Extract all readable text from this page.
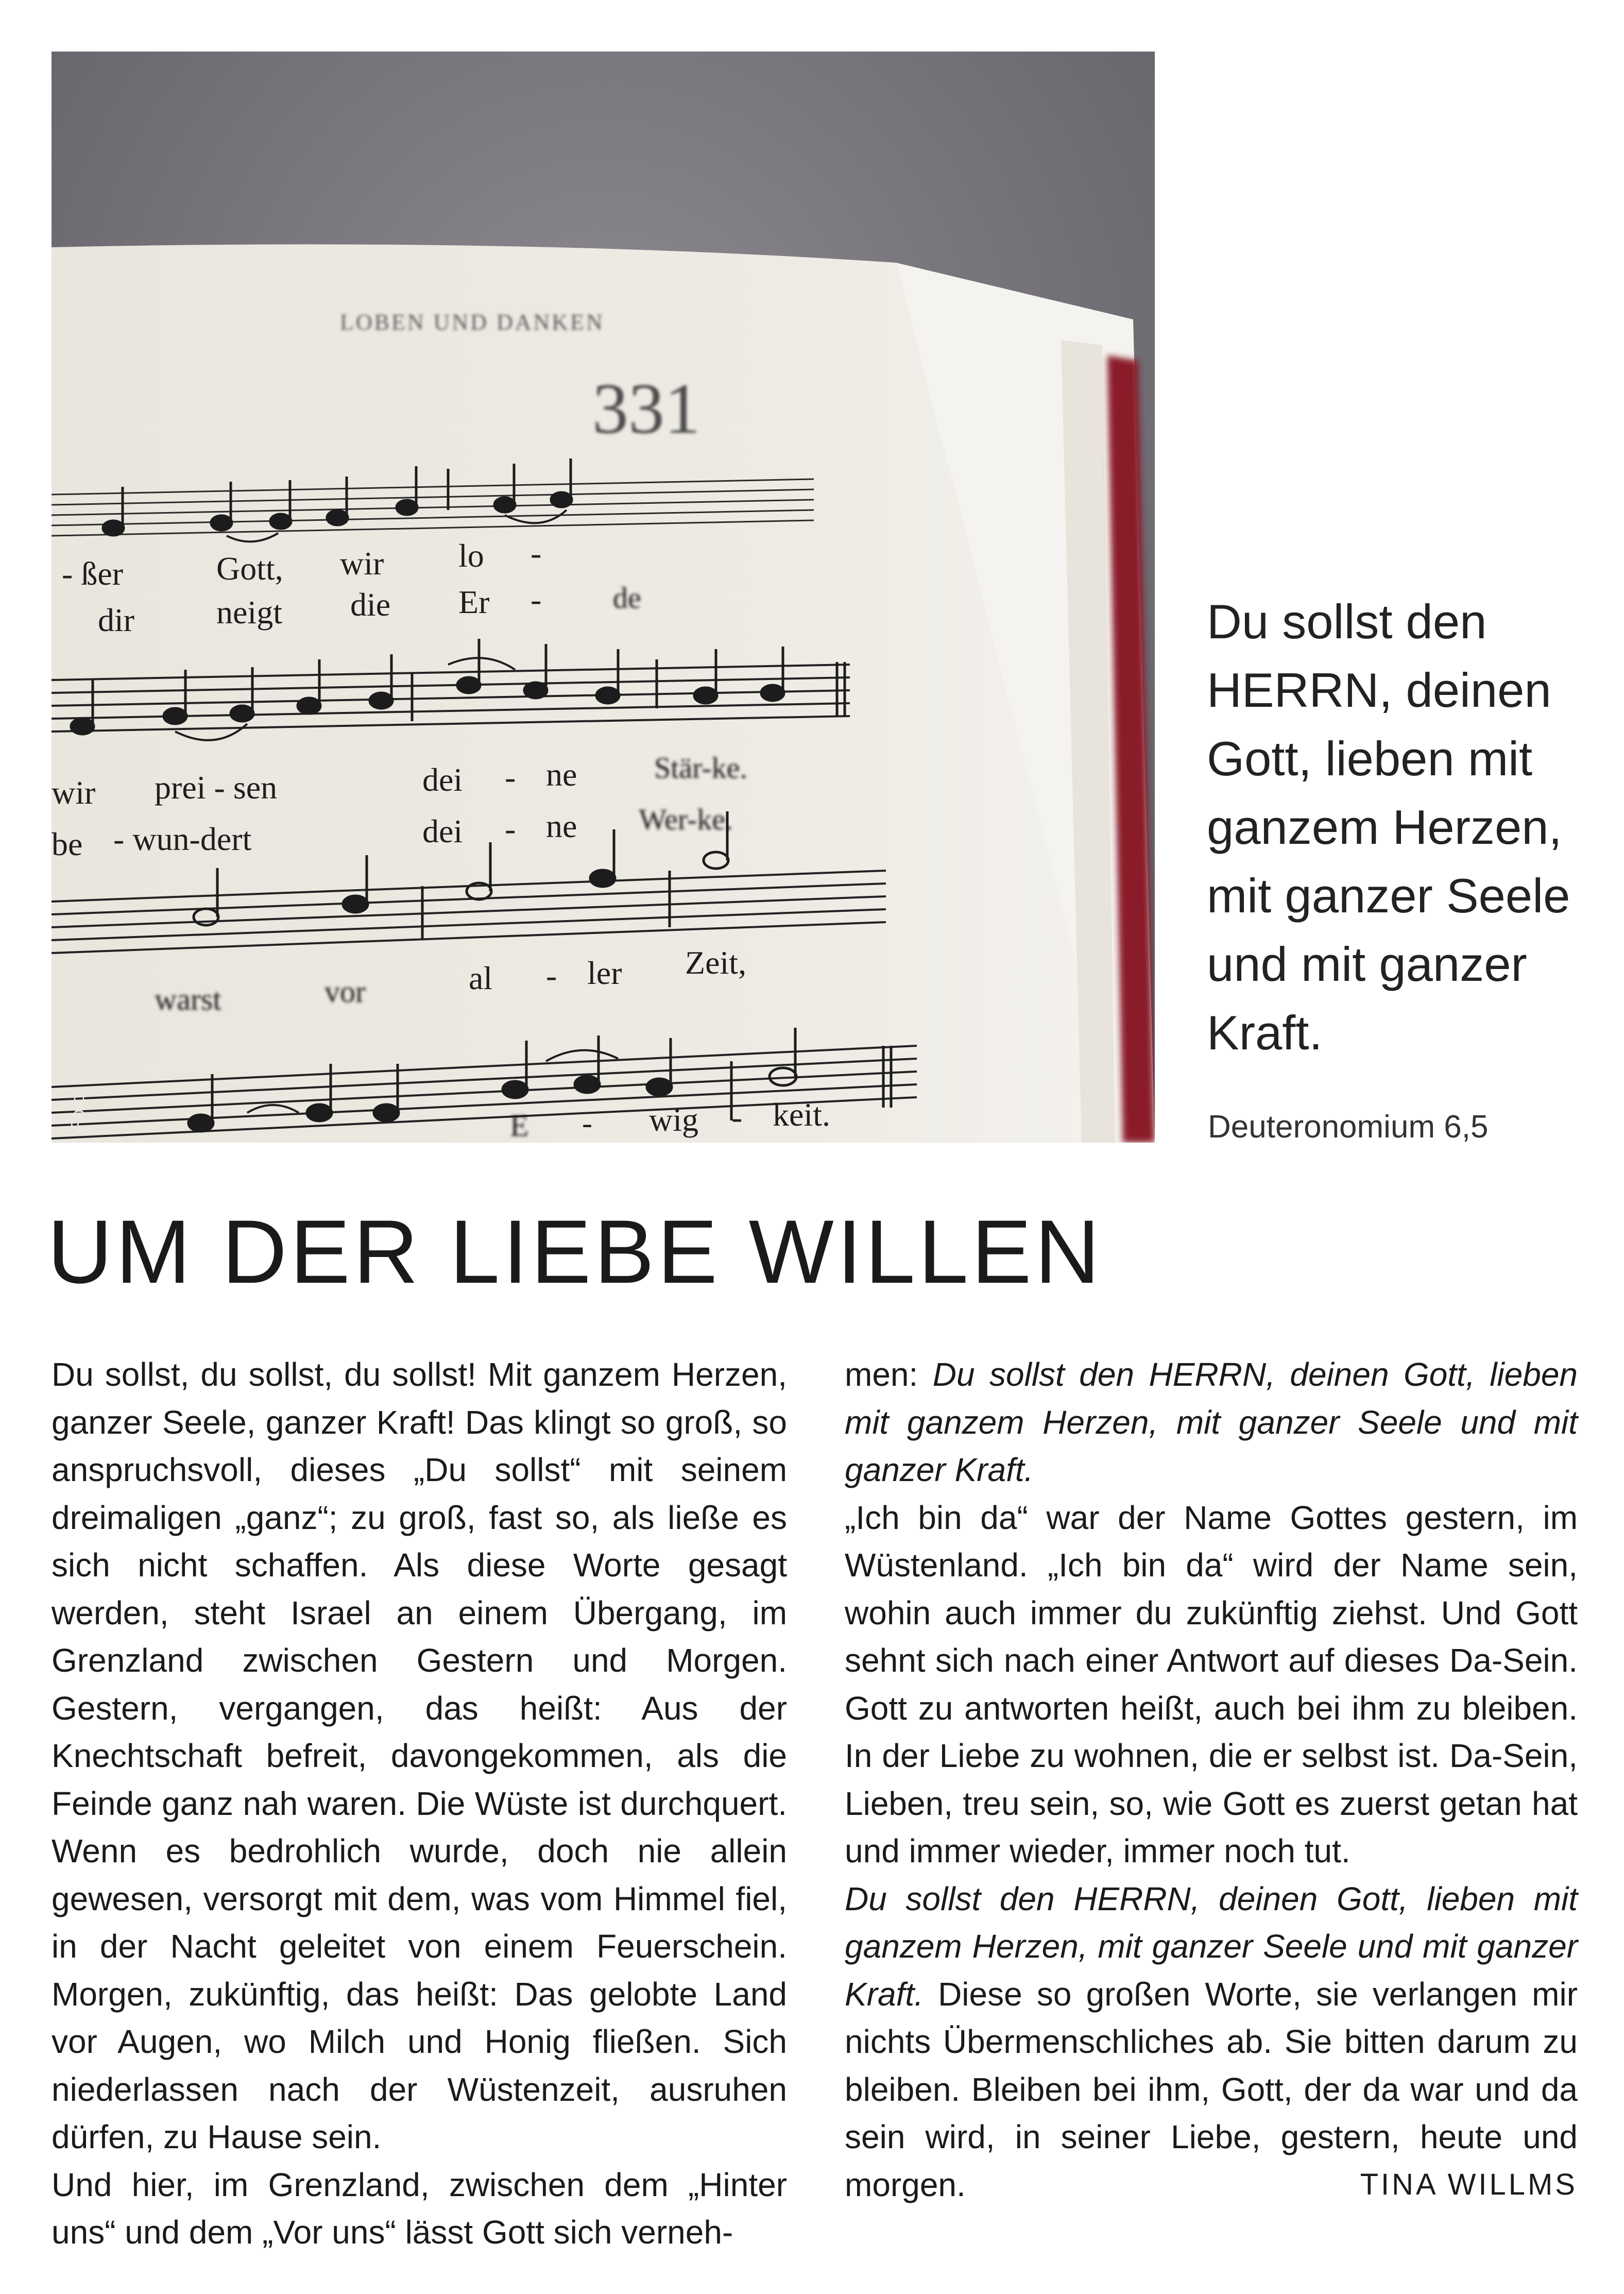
LOBEN UND DANKEN
331
- ßer	Gott, wir lo -
dir neigt die Er - de
wir prei - sen	dei - ne	Stär-ke.
be - wun-dert	dei - ne Wer-ke.
warst	vor	al - ler Zeit,
E - wig - keit.
Foto: Hillbricht
Du sollst den
HERRN, deinen
Gott, lieben mit
ganzem Herzen,
mit ganzer Seele
und mit ganzer
Kraft.
Deuteronomium 6,5
UM DER LIEBE WILLEN

Du sollst, du sollst, du sollst! Mit ganzem Herzen, ganzer Seele, ganzer Kraft! Das klingt so groß, so anspruchsvoll, dieses „Du sollst“ mit seinem dreimaligen „ganz“; zu groß, fast so, als ließe es sich nicht schaffen. Als diese Worte gesagt werden, steht Israel an einem Übergang, im Grenzland zwischen Gestern und Morgen. Gestern, vergangen, das heißt: Aus der Knechtschaft befreit, davongekommen, als die Feinde ganz nah waren. Die Wüste ist durchquert. Wenn es bedrohlich wurde, doch nie allein gewesen, versorgt mit dem, was vom Himmel fiel, in der Nacht geleitet von einem Feuerschein. Morgen, zukünftig, das heißt: Das gelobte Land vor Augen, wo Milch und Honig fließen. Sich niederlassen nach der Wüstenzeit, ausruhen dürfen, zu Hause sein.

Und hier, im Grenzland, zwischen dem „Hinter uns“ und dem „Vor uns“ lässt Gott sich verneh-

men: Du sollst den HERRN, deinen Gott, lieben mit ganzem Herzen, mit ganzer Seele und mit ganzer Kraft.

„Ich bin da“ war der Name Gottes gestern, im Wüstenland. „Ich bin da“ wird der Name sein, wohin auch immer du zukünftig ziehst. Und Gott sehnt sich nach einer Antwort auf dieses Da-Sein. Gott zu antworten heißt, auch bei ihm zu bleiben. In der Liebe zu wohnen, die er selbst ist. Da-Sein, Lieben, treu sein, so, wie Gott es zuerst getan hat und immer wieder, immer noch tut.

Du sollst den HERRN, deinen Gott, lieben mit ganzem Herzen, mit ganzer Seele und mit ganzer Kraft. Diese so großen Worte, sie verlangen mir nichts Übermenschliches ab. Sie bitten darum zu bleiben. Bleiben bei ihm, Gott, der da war und da sein wird, in seiner Liebe, gestern, heute und morgen.	TINA WILLMS
